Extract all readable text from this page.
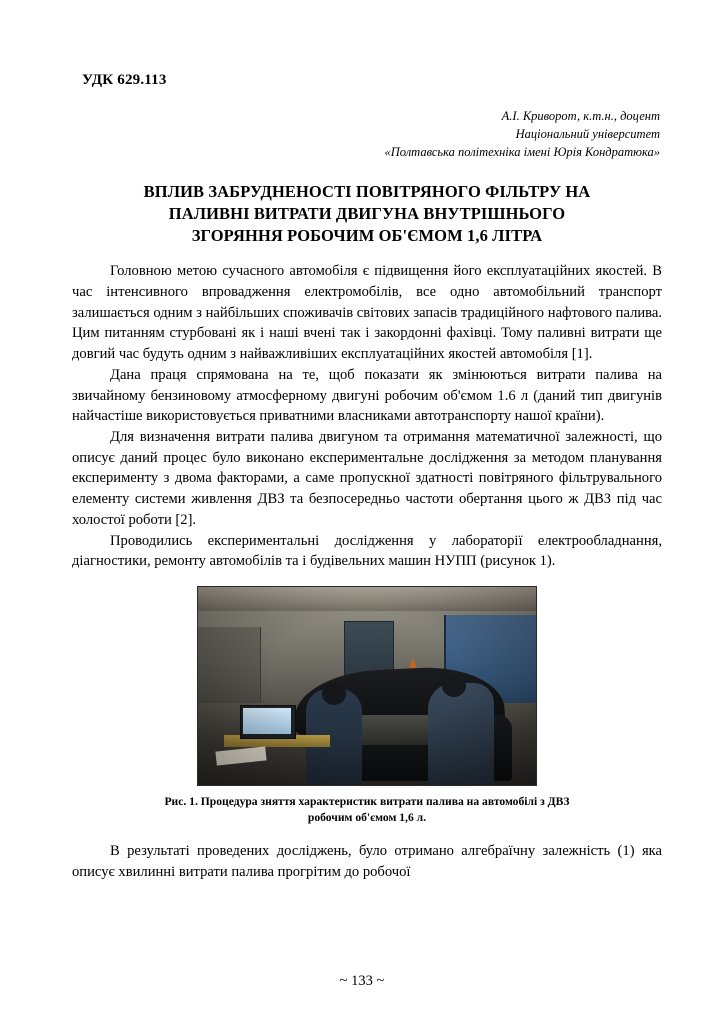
УДК 629.113
А.І. Криворот, к.т.н., доцент
Національний університет
«Полтавська політехніка імені Юрія Кондратюка»
ВПЛИВ ЗАБРУДНЕНОСТІ ПОВІТРЯНОГО ФІЛЬТРУ НА
ПАЛИВНІ ВИТРАТИ ДВИГУНА ВНУТРІШНЬОГО
ЗГОРЯННЯ РОБОЧИМ ОБ'ЄМОМ 1,6 ЛІТРА

Головною метою сучасного автомобіля є підвищення його експлуатаційних якостей. В час інтенсивного впровадження електромобілів, все одно автомобільний транспорт залишається одним з найбільших споживачів світових запасів традиційного нафтового палива. Цим питанням стурбовані як і наші вчені так і закордонні фахівці. Тому паливні витрати ще довгий час будуть одним з найважливіших експлуатаційних якостей автомобіля [1].

Дана праця спрямована на те, щоб показати як змінюються витрати палива на звичайному бензиновому атмосферному двигуні робочим об'ємом 1.6 л (даний тип двигунів найчастіше використовується приватними власниками автотранспорту нашої країни).

Для визначення витрати палива двигуном та отримання математичної залежності, що описує даний процес було виконано експериментальне дослідження за методом планування експерименту з двома факторами, а саме пропускної здатності повітряного фільтрувального елементу системи живлення ДВЗ та безпосередньо частоти обертання цього ж ДВЗ під час холостої роботи [2].

Проводились експериментальні дослідження у лабораторії електрообладнання, діагностики, ремонту автомобілів та і будівельних машин НУПП (рисунок 1).

Рис. 1. Процедура зняття характеристик витрати палива на автомобілі з ДВЗ
робочим об'ємом 1,6 л.

В результаті проведених досліджень, було отримано алгебраїчну залежність (1) яка описує хвилинні витрати палива прогрітим до робочої

~ 133 ~
